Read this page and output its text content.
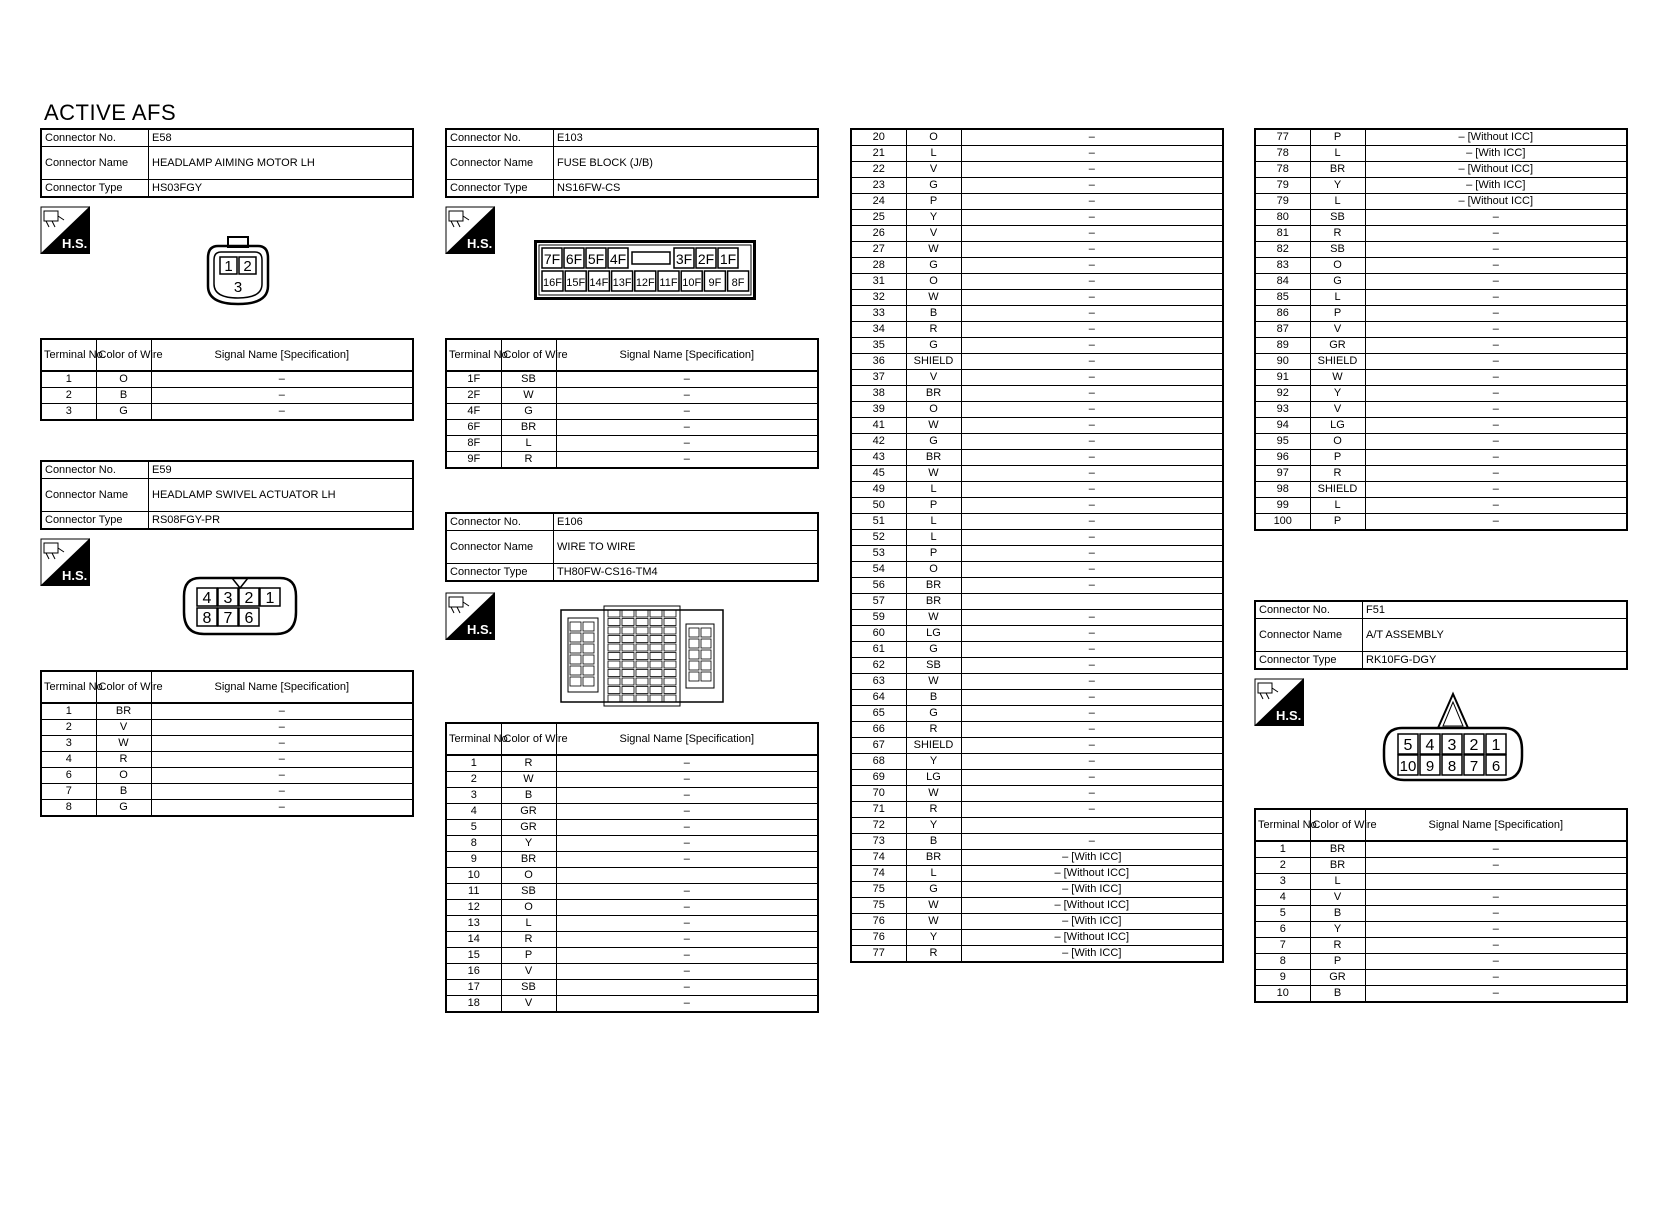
ACTIVE AFS
Connector No.	E58
Connector Name	HEADLAMP AIMING MOTOR LH
Connector Type	HS03FGY
H.S.
1 2
3
Terminal No.	Color of Wire	Signal Name [Specification]
1	O	–
2	B	–
3	G	–
Connector No.	E59
Connector Name	HEADLAMP SWIVEL ACTUATOR LH
Connector Type	RS08FGY-PR
H.S.
4 3 2 1
8 7 6
Terminal No.	Color of Wire	Signal Name [Specification]
1	BR	–
2	V	–
3	W	–
4	R	–
6	O	–
7	B	–
8	G	–
Connector No.	E103
Connector Name	FUSE BLOCK (J/B)
Connector Type	NS16FW-CS
H.S.
7F 6F 5F 4F	3F 2F 1F
16F 15F 14F 13F 12F 11F 10F 9F 8F
Terminal No.	Color of Wire	Signal Name [Specification]
1F	SB	–
2F	W	–
4F	G	–
6F	BR	–
8F	L	–
9F	R	–
Connector No.	E106
Connector Name	WIRE TO WIRE
Connector Type	TH80FW-CS16-TM4
H.S.
Terminal No.	Color of Wire	Signal Name [Specification]
1	R	–
2	W	–
3	B	–
4	GR	–
5	GR	–
8	Y	–
9	BR	–
10	O	
11	SB	–
12	O	–
13	L	–
14	R	–
15	P	–
16	V	–
17	SB	–
18	V	–
20	O	–
21	L	–
22	V	–
23	G	–
24	P	–
25	Y	–
26	V	–
27	W	–
28	G	–
31	O	–
32	W	–
33	B	–
34	R	–
35	G	–
36	SHIELD	–
37	V	–
38	BR	–
39	O	–
41	W	–
42	G	–
43	BR	–
45	W	–
49	L	–
50	P	–
51	L	–
52	L	–
53	P	–
54	O	–
56	BR	–
57	BR	
59	W	–
60	LG	–
61	G	–
62	SB	–
63	W	–
64	B	–
65	G	–
66	R	–
67	SHIELD	–
68	Y	–
69	LG	–
70	W	–
71	R	–
72	Y	
73	B	–
74	BR	– [With ICC]
74	L	– [Without ICC]
75	G	– [With ICC]
75	W	– [Without ICC]
76	W	– [With ICC]
76	Y	– [Without ICC]
77	R	– [With ICC]
77	P	– [Without ICC]
78	L	– [With ICC]
78	BR	– [Without ICC]
79	Y	– [With ICC]
79	L	– [Without ICC]
80	SB	–
81	R	–
82	SB	–
83	O	–
84	G	–
85	L	–
86	P	–
87	V	–
89	GR	–
90	SHIELD	–
91	W	–
92	Y	–
93	V	–
94	LG	–
95	O	–
96	P	–
97	R	–
98	SHIELD	–
99	L	–
100	P	–
Connector No.	F51
Connector Name	A/T ASSEMBLY
Connector Type	RK10FG-DGY
H.S.
5 4 3 2 1
10 9 8 7 6
Terminal No.	Color of Wire	Signal Name [Specification]
1	BR	–
2	BR	–
3	L	
4	V	–
5	B	–
6	Y	–
7	R	–
8	P	–
9	GR	–
10	B	–
